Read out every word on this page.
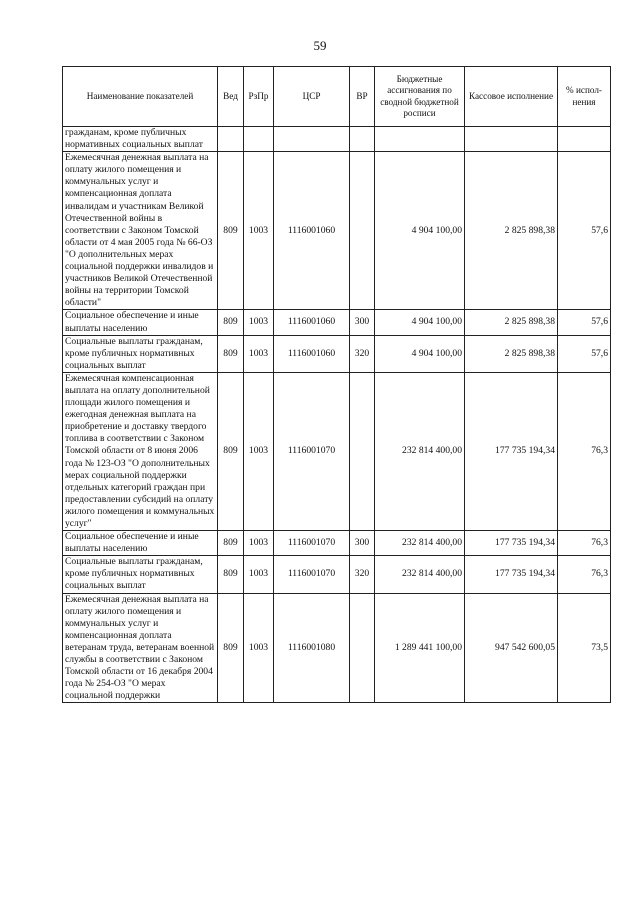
59
Наименование показателей	Вед	РзПр	ЦСР	ВР	Бюджетные ассигнования по сводной бюджетной росписи	Кассовое исполнение	% испол-нения
гражданам, кроме публичных нормативных социальных выплат							
Ежемесячная денежная выплата на оплату жилого помещения и коммунальных услуг и компенсационная доплата инвалидам и участникам Великой Отечественной войны в соответствии с Законом Томской области от 4 мая 2005 года № 66-ОЗ "О дополнительных мерах социальной поддержки инвалидов и участников Великой Отечественной войны на территории Томской области"	809	1003	1116001060		4 904 100,00	2 825 898,38	57,6
Социальное обеспечение и иные выплаты населению	809	1003	1116001060	300	4 904 100,00	2 825 898,38	57,6
Социальные выплаты гражданам, кроме публичных нормативных социальных выплат	809	1003	1116001060	320	4 904 100,00	2 825 898,38	57,6
Ежемесячная компенсационная выплата на оплату дополнительной площади жилого помещения и ежегодная денежная выплата на приобретение и доставку твердого топлива в соответствии с Законом Томской области от 8 июня 2006 года № 123-ОЗ "О дополнительных мерах социальной поддержки отдельных категорий граждан при предоставлении субсидий на оплату жилого помещения и коммунальных услуг"	809	1003	1116001070		232 814 400,00	177 735 194,34	76,3
Социальное обеспечение и иные выплаты населению	809	1003	1116001070	300	232 814 400,00	177 735 194,34	76,3
Социальные выплаты гражданам, кроме публичных нормативных социальных выплат	809	1003	1116001070	320	232 814 400,00	177 735 194,34	76,3
Ежемесячная денежная выплата на оплату жилого помещения и коммунальных услуг и компенсационная доплата ветеранам труда, ветеранам военной службы в соответствии с Законом Томской области от 16 декабря 2004 года № 254-ОЗ "О мерах социальной поддержки	809	1003	1116001080		1 289 441 100,00	947 542 600,05	73,5
